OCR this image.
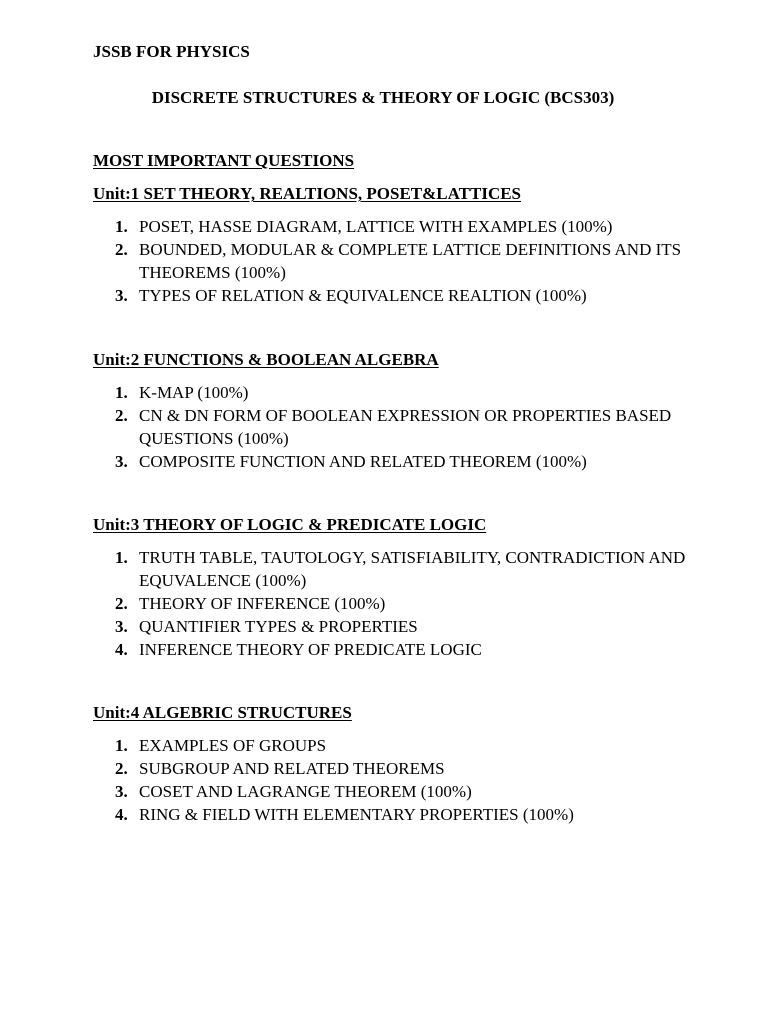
JSSB FOR PHYSICS

DISCRETE STRUCTURES & THEORY OF LOGIC (BCS303)

MOST IMPORTANT QUESTIONS

Unit:1 SET THEORY, REALTIONS, POSET&LATTICES

1. POSET, HASSE DIAGRAM, LATTICE WITH EXAMPLES (100%)
2. BOUNDED, MODULAR & COMPLETE LATTICE DEFINITIONS AND ITS THEOREMS (100%)
3. TYPES OF RELATION & EQUIVALENCE REALTION (100%)

Unit:2 FUNCTIONS & BOOLEAN ALGEBRA

1. K-MAP (100%)
2. CN & DN FORM OF BOOLEAN EXPRESSION OR PROPERTIES BASED QUESTIONS (100%)
3. COMPOSITE FUNCTION AND RELATED THEOREM (100%)

Unit:3 THEORY OF LOGIC & PREDICATE LOGIC

1. TRUTH TABLE, TAUTOLOGY, SATISFIABILITY, CONTRADICTION AND EQUVALENCE (100%)
2. THEORY OF INFERENCE (100%)
3. QUANTIFIER TYPES & PROPERTIES
4. INFERENCE THEORY OF PREDICATE LOGIC

Unit:4 ALGEBRIC STRUCTURES

1. EXAMPLES OF GROUPS
2. SUBGROUP AND RELATED THEOREMS
3. COSET AND LAGRANGE THEOREM (100%)
4. RING & FIELD WITH ELEMENTARY PROPERTIES (100%)
